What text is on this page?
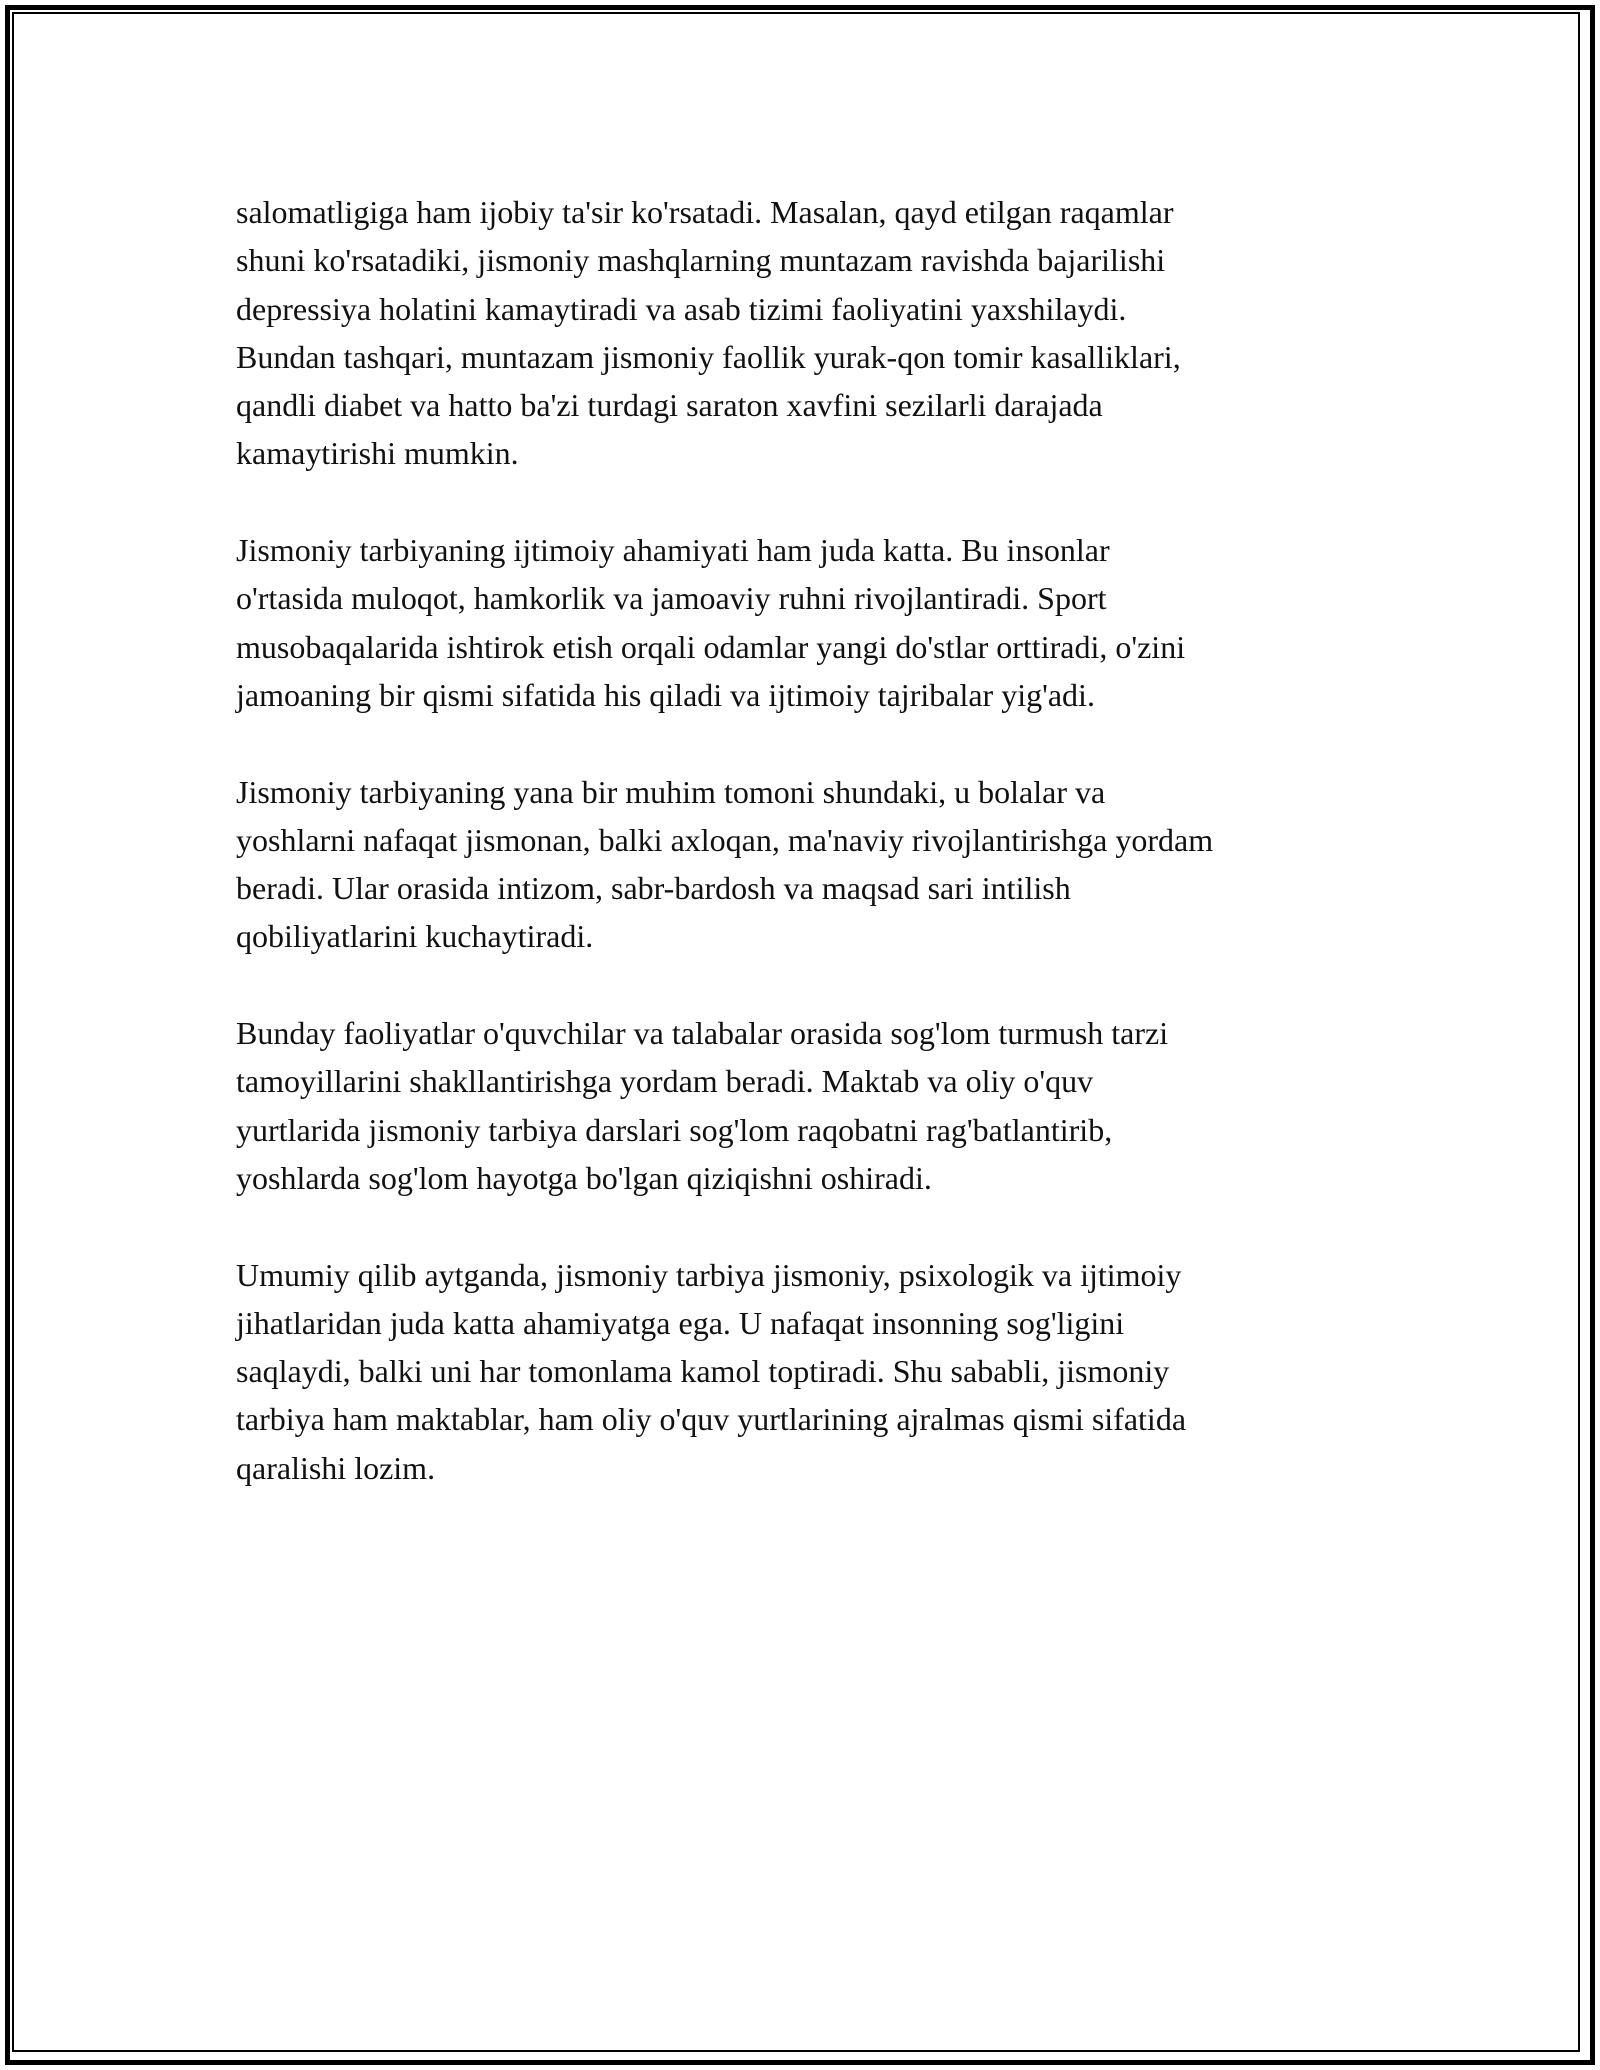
salomatligiga ham ijobiy ta'sir ko'rsatadi. Masalan, qayd etilgan raqamlar
shuni ko'rsatadiki, jismoniy mashqlarning muntazam ravishda bajarilishi
depressiya holatini kamaytiradi va asab tizimi faoliyatini yaxshilaydi.
Bundan tashqari, muntazam jismoniy faollik yurak-qon tomir kasalliklari,
qandli diabet va hatto ba'zi turdagi saraton xavfini sezilarli darajada
kamaytirishi mumkin.

Jismoniy tarbiyaning ijtimoiy ahamiyati ham juda katta. Bu insonlar
o'rtasida muloqot, hamkorlik va jamoaviy ruhni rivojlantiradi. Sport
musobaqalarida ishtirok etish orqali odamlar yangi do'stlar orttiradi, o'zini
jamoaning bir qismi sifatida his qiladi va ijtimoiy tajribalar yig'adi.

Jismoniy tarbiyaning yana bir muhim tomoni shundaki, u bolalar va
yoshlarni nafaqat jismonan, balki axloqan, ma'naviy rivojlantirishga yordam
beradi. Ular orasida intizom, sabr-bardosh va maqsad sari intilish
qobiliyatlarini kuchaytiradi.

Bunday faoliyatlar o'quvchilar va talabalar orasida sog'lom turmush tarzi
tamoyillarini shakllantirishga yordam beradi. Maktab va oliy o'quv
yurtlarida jismoniy tarbiya darslari sog'lom raqobatni rag'batlantirib,
yoshlarda sog'lom hayotga bo'lgan qiziqishni oshiradi.

Umumiy qilib aytganda, jismoniy tarbiya jismoniy, psixologik va ijtimoiy
jihatlaridan juda katta ahamiyatga ega. U nafaqat insonning sog'ligini
saqlaydi, balki uni har tomonlama kamol toptiradi. Shu sababli, jismoniy
tarbiya ham maktablar, ham oliy o'quv yurtlarining ajralmas qismi sifatida
qaralishi lozim.
